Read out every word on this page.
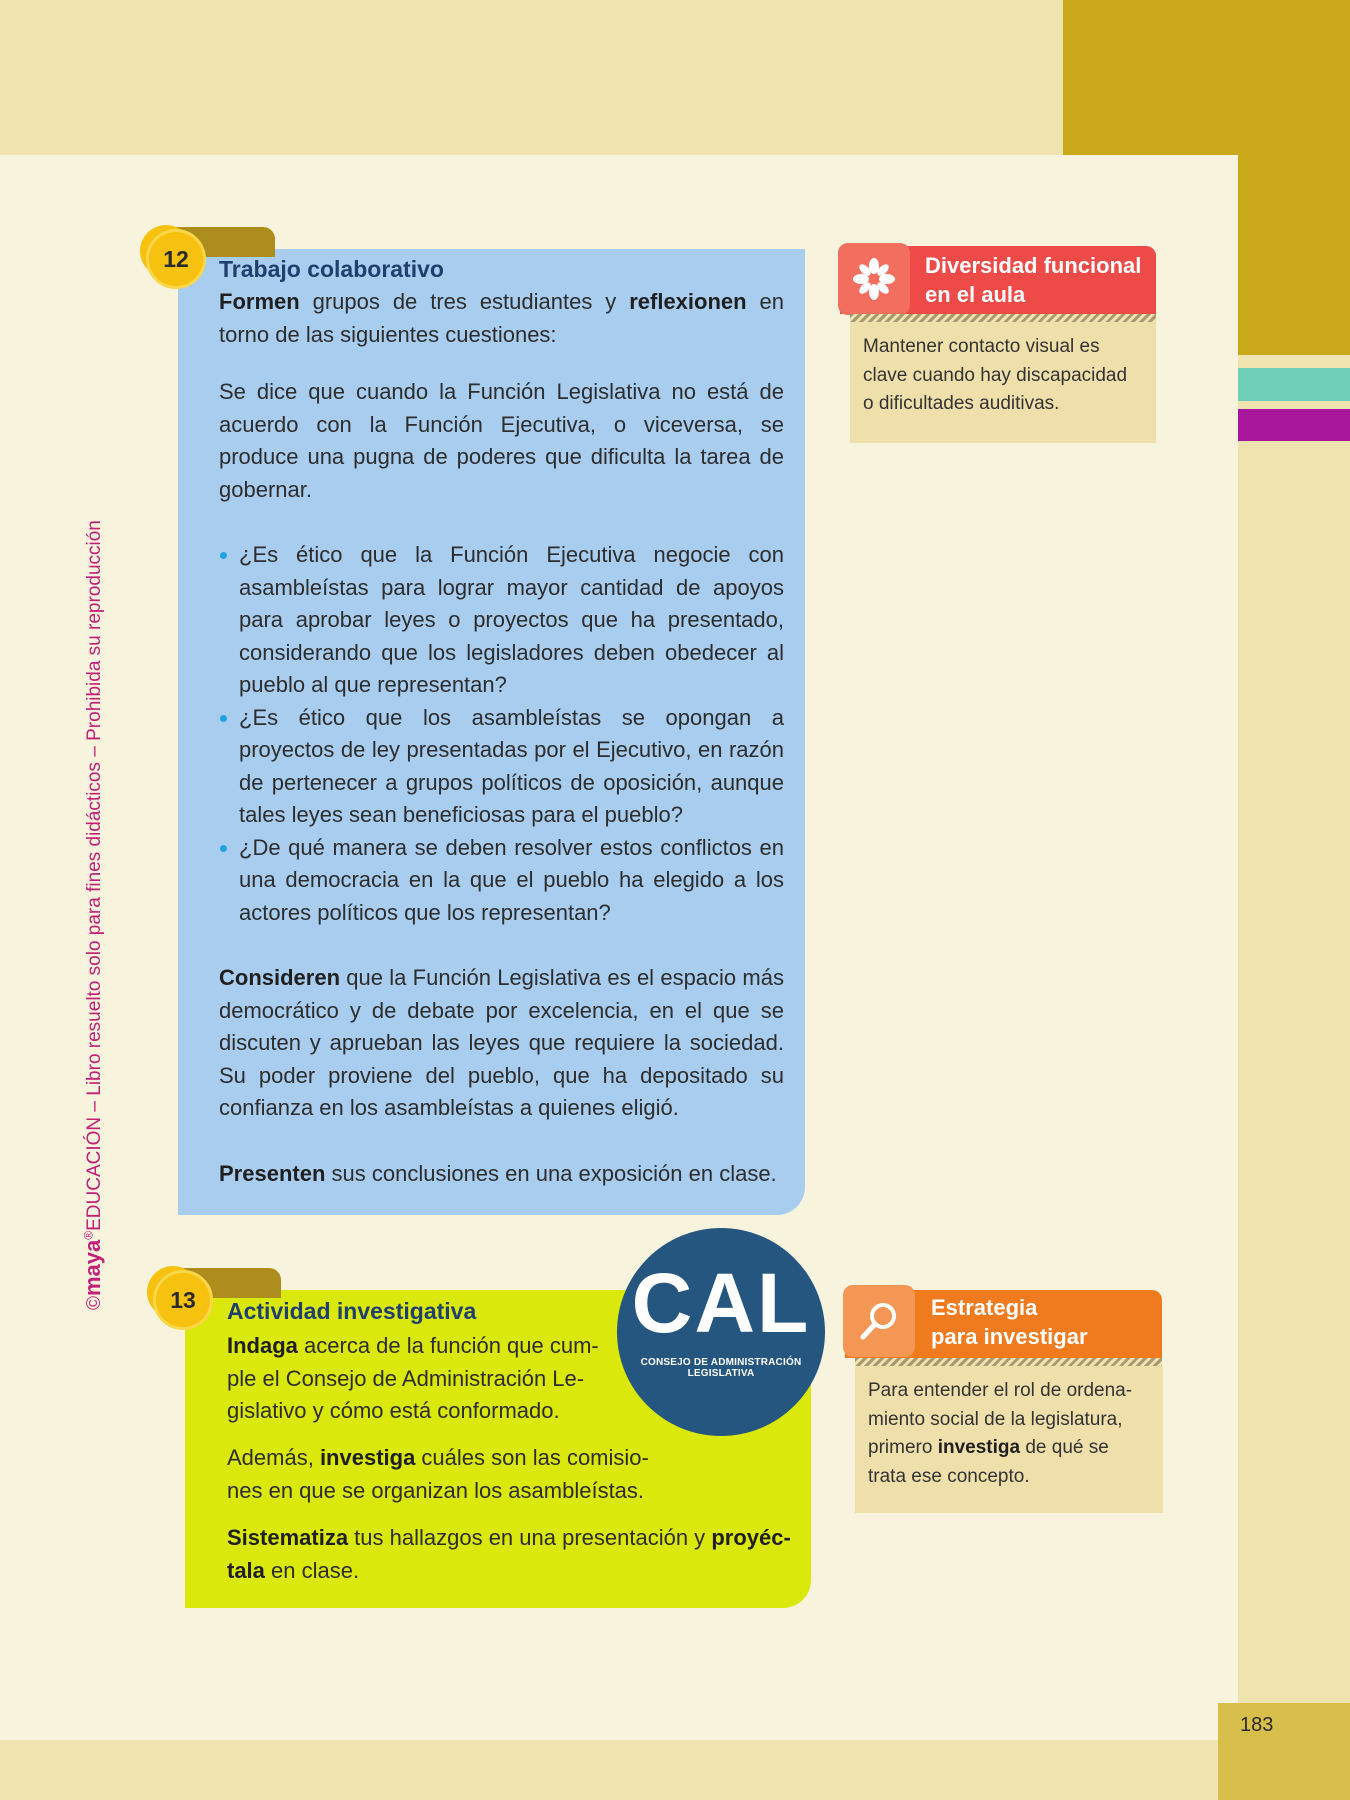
183
©maya®EDUCACIÓN – Libro resuelto solo para fines didácticos – Prohibida su reproducción
12	Trabajo colaborativo
Formen grupos de tres estudiantes y reflexionen en torno de las siguientes cuestiones:
Se dice que cuando la Función Legislativa no está de acuerdo con la Función Ejecutiva, o viceversa, se produce una pugna de poderes que dificulta la tarea de gobernar.
¿Es ético que la Función Ejecutiva negocie con asambleístas para lograr mayor cantidad de apoyos para aprobar leyes o proyectos que ha presentado, considerando que los legisladores deben obedecer al pueblo al que representan?
¿Es ético que los asambleístas se opongan a proyectos de ley presentadas por el Ejecutivo, en razón de pertenecer a grupos políticos de oposición, aunque tales leyes sean beneficiosas para el pueblo?
¿De qué manera se deben resolver estos conflictos en una democracia en la que el pueblo ha elegido a los actores políticos que los representan?
Consideren que la Función Legislativa es el espacio más democrático y de debate por excelencia, en el que se discuten y aprueban las leyes que requiere la sociedad. Su poder proviene del pueblo, que ha depositado su confianza en los asambleístas a quienes eligió.
Presenten sus conclusiones en una exposición en clase.
13	Actividad investigativa
Indaga acerca de la función que cum-
ple el Consejo de Administración Le-
gislativo y cómo está conformado.
Además, investiga cuáles son las comisio-
nes en que se organizan los asambleístas.
Sistematiza tus hallazgos en una presentación y proyéc-
tala en clase.
CAL
CONSEJO DE ADMINISTRACIÓN LEGISLATIVA
Diversidad funcional
en el aula
Mantener contacto visual es
clave cuando hay discapacidad
o dificultades auditivas.
Estrategia
para investigar
Para entender el rol de ordena-
miento social de la legislatura,
primero investiga de qué se
trata ese concepto.
